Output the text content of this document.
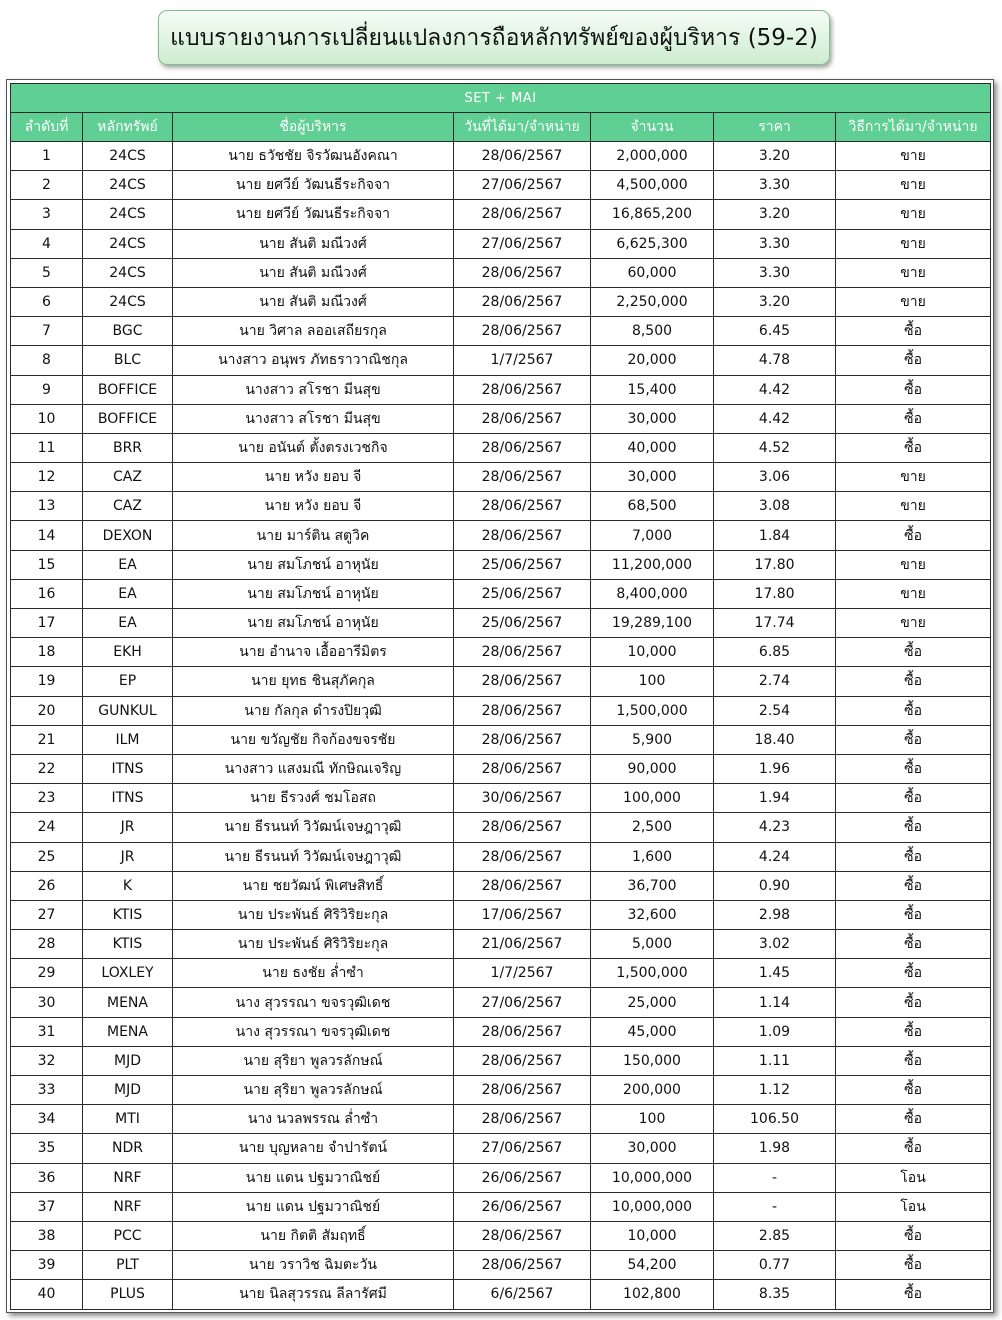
แบบรายงานการเปลี่ยนแปลงการถือหลักทรัพย์ของผู้บริหาร (59-2)
SET + MAI						
ลำดับที่	หลักทรัพย์	ชื่อผู้บริหาร	วันที่ได้มา/จำหน่าย	จำนวน	ราคา	วิธีการได้มา/จำหน่าย
1	24CS	นาย ธวัชชัย จิรวัฒนอังคณา	28/06/2567	2,000,000	3.20	ขาย
2	24CS	นาย ยศวีย์ วัฒนธีระกิจจา	27/06/2567	4,500,000	3.30	ขาย
3	24CS	นาย ยศวีย์ วัฒนธีระกิจจา	28/06/2567	16,865,200	3.20	ขาย
4	24CS	นาย สันติ มณีวงศ์	27/06/2567	6,625,300	3.30	ขาย
5	24CS	นาย สันติ มณีวงศ์	28/06/2567	60,000	3.30	ขาย
6	24CS	นาย สันติ มณีวงศ์	28/06/2567	2,250,000	3.20	ขาย
7	BGC	นาย วิศาล ลออเสถียรกุล	28/06/2567	8,500	6.45	ซื้อ
8	BLC	นางสาว อนุพร ภัทธราวาณิชกุล	1/7/2567	20,000	4.78	ซื้อ
9	BOFFICE	นางสาว สโรชา มีนสุข	28/06/2567	15,400	4.42	ซื้อ
10	BOFFICE	นางสาว สโรชา มีนสุข	28/06/2567	30,000	4.42	ซื้อ
11	BRR	นาย อนันต์ ตั้งตรงเวชกิจ	28/06/2567	40,000	4.52	ซื้อ
12	CAZ	นาย หวัง ยอบ จี	28/06/2567	30,000	3.06	ขาย
13	CAZ	นาย หวัง ยอบ จี	28/06/2567	68,500	3.08	ขาย
14	DEXON	นาย มาร์ติน สตูวิค	28/06/2567	7,000	1.84	ซื้อ
15	EA	นาย สมโภชน์ อาหุนัย	25/06/2567	11,200,000	17.80	ขาย
16	EA	นาย สมโภชน์ อาหุนัย	25/06/2567	8,400,000	17.80	ขาย
17	EA	นาย สมโภชน์ อาหุนัย	25/06/2567	19,289,100	17.74	ขาย
18	EKH	นาย อำนาจ เอื้ออารีมิตร	28/06/2567	10,000	6.85	ซื้อ
19	EP	นาย ยุทธ ชินสุภัคกุล	28/06/2567	100	2.74	ซื้อ
20	GUNKUL	นาย กัลกุล ดำรงปิยวุฒิ	28/06/2567	1,500,000	2.54	ซื้อ
21	ILM	นาย ขวัญชัย กิจก้องขจรชัย	28/06/2567	5,900	18.40	ซื้อ
22	ITNS	นางสาว แสงมณี ทักษิณเจริญ	28/06/2567	90,000	1.96	ซื้อ
23	ITNS	นาย ธีรวงศ์ ชมโอสถ	30/06/2567	100,000	1.94	ซื้อ
24	JR	นาย ธีรนนท์ วิวัฒน์เจษฎาวุฒิ	28/06/2567	2,500	4.23	ซื้อ
25	JR	นาย ธีรนนท์ วิวัฒน์เจษฎาวุฒิ	28/06/2567	1,600	4.24	ซื้อ
26	K	นาย ชยวัฒน์ พิเศษสิทธิ์	28/06/2567	36,700	0.90	ซื้อ
27	KTIS	นาย ประพันธ์ ศิริวิริยะกุล	17/06/2567	32,600	2.98	ซื้อ
28	KTIS	นาย ประพันธ์ ศิริวิริยะกุล	21/06/2567	5,000	3.02	ซื้อ
29	LOXLEY	นาย ธงชัย ล่ำซำ	1/7/2567	1,500,000	1.45	ซื้อ
30	MENA	นาง สุวรรณา ขจรวุฒิเดช	27/06/2567	25,000	1.14	ซื้อ
31	MENA	นาง สุวรรณา ขจรวุฒิเดช	28/06/2567	45,000	1.09	ซื้อ
32	MJD	นาย สุริยา พูลวรลักษณ์	28/06/2567	150,000	1.11	ซื้อ
33	MJD	นาย สุริยา พูลวรลักษณ์	28/06/2567	200,000	1.12	ซื้อ
34	MTI	นาง นวลพรรณ ล่ำซำ	28/06/2567	100	106.50	ซื้อ
35	NDR	นาย บุญหลาย จำปารัตน์	27/06/2567	30,000	1.98	ซื้อ
36	NRF	นาย แดน ปฐมวาณิชย์	26/06/2567	10,000,000	-	โอน
37	NRF	นาย แดน ปฐมวาณิชย์	26/06/2567	10,000,000	-	โอน
38	PCC	นาย กิตติ สัมฤทธิ์	28/06/2567	10,000	2.85	ซื้อ
39	PLT	นาย วราวิช ฉิมตะวัน	28/06/2567	54,200	0.77	ซื้อ
40	PLUS	นาย นิลสุวรรณ ลีลารัศมี	6/6/2567	102,800	8.35	ซื้อ
